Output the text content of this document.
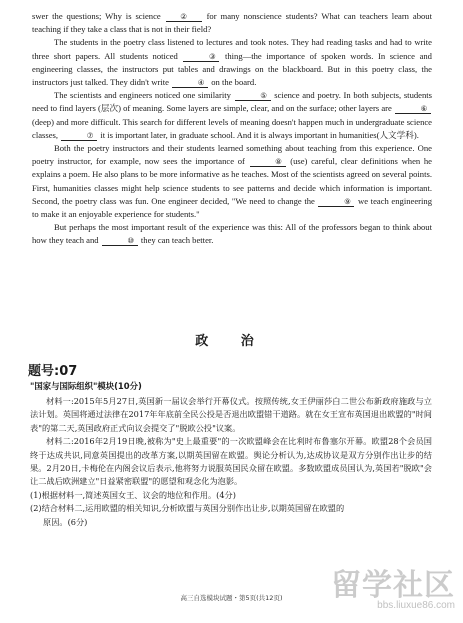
swer the questions; Why is science ② for many nonscience students? What can teachers learn about teaching if they take a class that is not in their field?

The students in the poetry class listened to lectures and took notes. They had reading tasks and had to write three short papers. All students noticed	③ thing—the importance of spoken words. In science and engineering classes, the instructors put tables and drawings on the blackboard. But in this poetry class, the instructors just talked. They didn't write	④ on the board.

The scientists and engineers noticed one similarity	⑤ science and poetry. In both subjects, students need to find layers (层次) of meaning. Some layers are simple, clear, and on the surface; other layers are	⑥ (deep) and more difficult. This search for different levels of meaning doesn't happen much in undergraduate science classes,	⑦ it is important later, in graduate school. And it is always important in humanities(人文学科).

Both the poetry instructors and their students learned something about teaching from this experience. One poetry instructor, for example, now sees the importance of	⑧ (use) careful, clear definitions when he explains a poem. He also plans to be more informative as he teaches. Most of the scientists agreed on several points. First, humanities classes might help science students to see patterns and decide which information is important. Second, the poetry class was fun. One engineer decided, "We need to change the	⑨ we teach engineering to make it an enjoyable experience for students."

But perhaps the most important result of the experience was this: All of the professors began to think about how they teach and	⑩ they can teach better.

政 治
题号:07
"国家与国际组织"模块(10分)

材料一:2015年5月27日,英国新一届议会举行开幕仪式。按照传统,女王伊丽莎白二世公布新政府施政与立法计划。英国将通过法律在2017年年底前全民公投是否退出欧盟错干道路。就在女王宣布英国退出欧盟的"时间表"的第二天,英国政府正式向议会提交了"脱欧公投"议案。

材料二:2016年2月19日晚,被称为"史上最重要"的一次欧盟峰会在比利时布鲁塞尔开幕。欧盟28个会员国终于达成共识,同意英国提出的改革方案,以期英国留在欧盟。舆论分析认为,达成协议是双方分别作出让步的结果。2月20日,卡梅伦在内阁会议后表示,他将努力说服英国民众留在欧盟。多数欧盟成员国认为,英国若"脱欧"会让二战后欧洲建立"日益紧密联盟"的愿望和观念化为泡影。

(1)根据材料一,简述英国女王、议会的地位和作用。(4分)

(2)结合材料二,运用欧盟的相关知识,分析欧盟与英国分别作出让步,以期英国留在欧盟的

原因。(6分)

高三自选模块试题・第5页(共12页)	留学社区
bbs.liuxue86.com
